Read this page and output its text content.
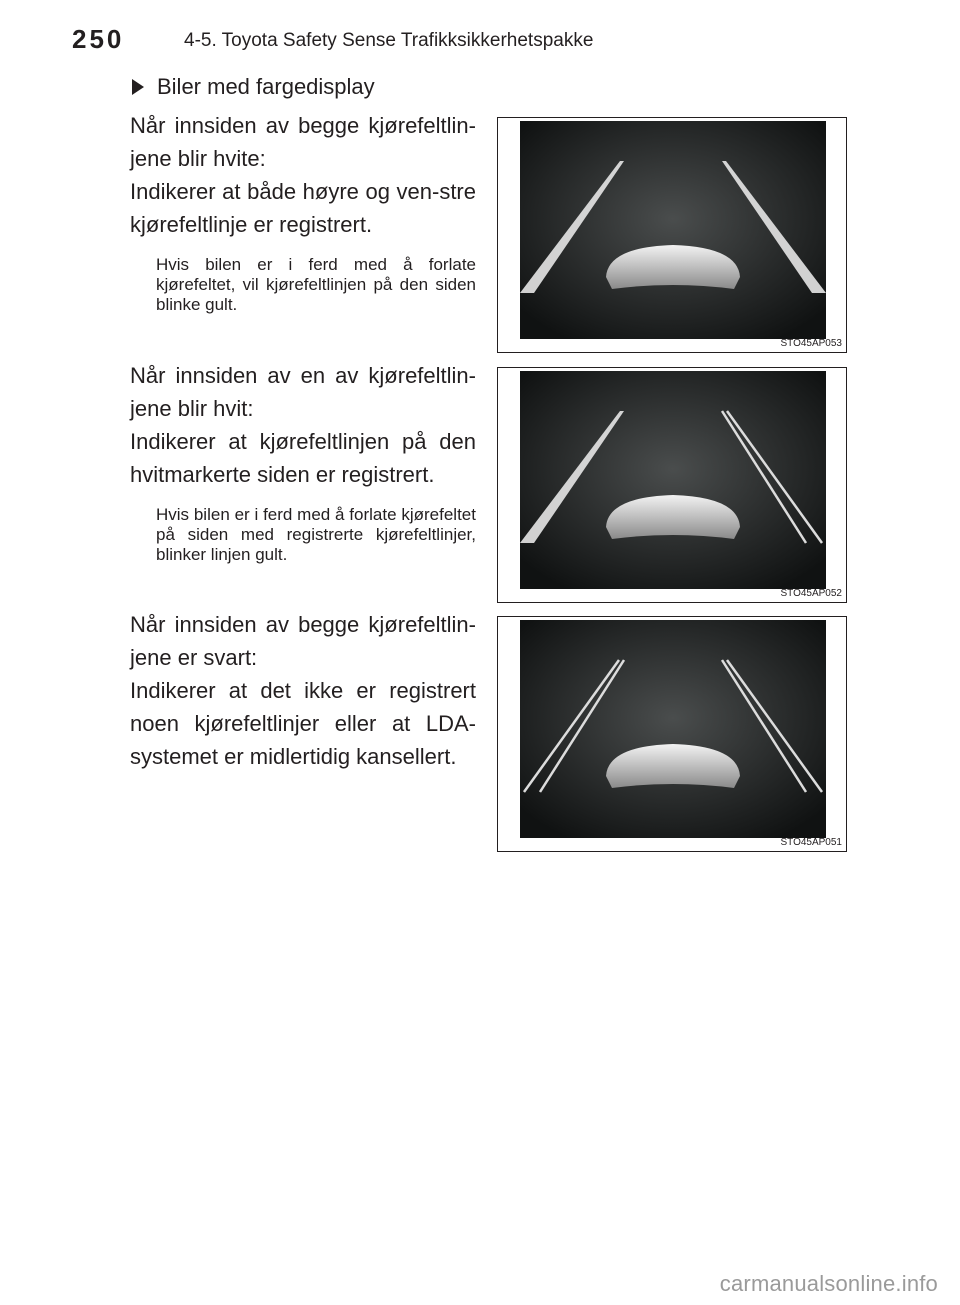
250	4-5. Toyota Safety Sense Trafikksikkerhetspakke
Biler med fargedisplay

Når innsiden av begge kjørefeltlin-jene blir hvite:

Indikerer at både høyre og ven-stre kjørefeltlinje er registrert.

Hvis bilen er i ferd med å forlate kjørefeltet, vil kjørefeltlinjen på den siden blinke gult.

STO45AP053

Når innsiden av en av kjørefeltlin-jene blir hvit:

Indikerer at kjørefeltlinjen på den hvitmarkerte siden er registrert.

Hvis bilen er i ferd med å forlate kjørefeltet på siden med registrerte kjørefeltlinjer, blinker linjen gult.

STO45AP052

Når innsiden av begge kjørefeltlin-jene er svart:

Indikerer at det ikke er registrert noen kjørefeltlinjer eller at LDA-systemet er midlertidig kansellert.

STO45AP051
carmanualsonline.info
